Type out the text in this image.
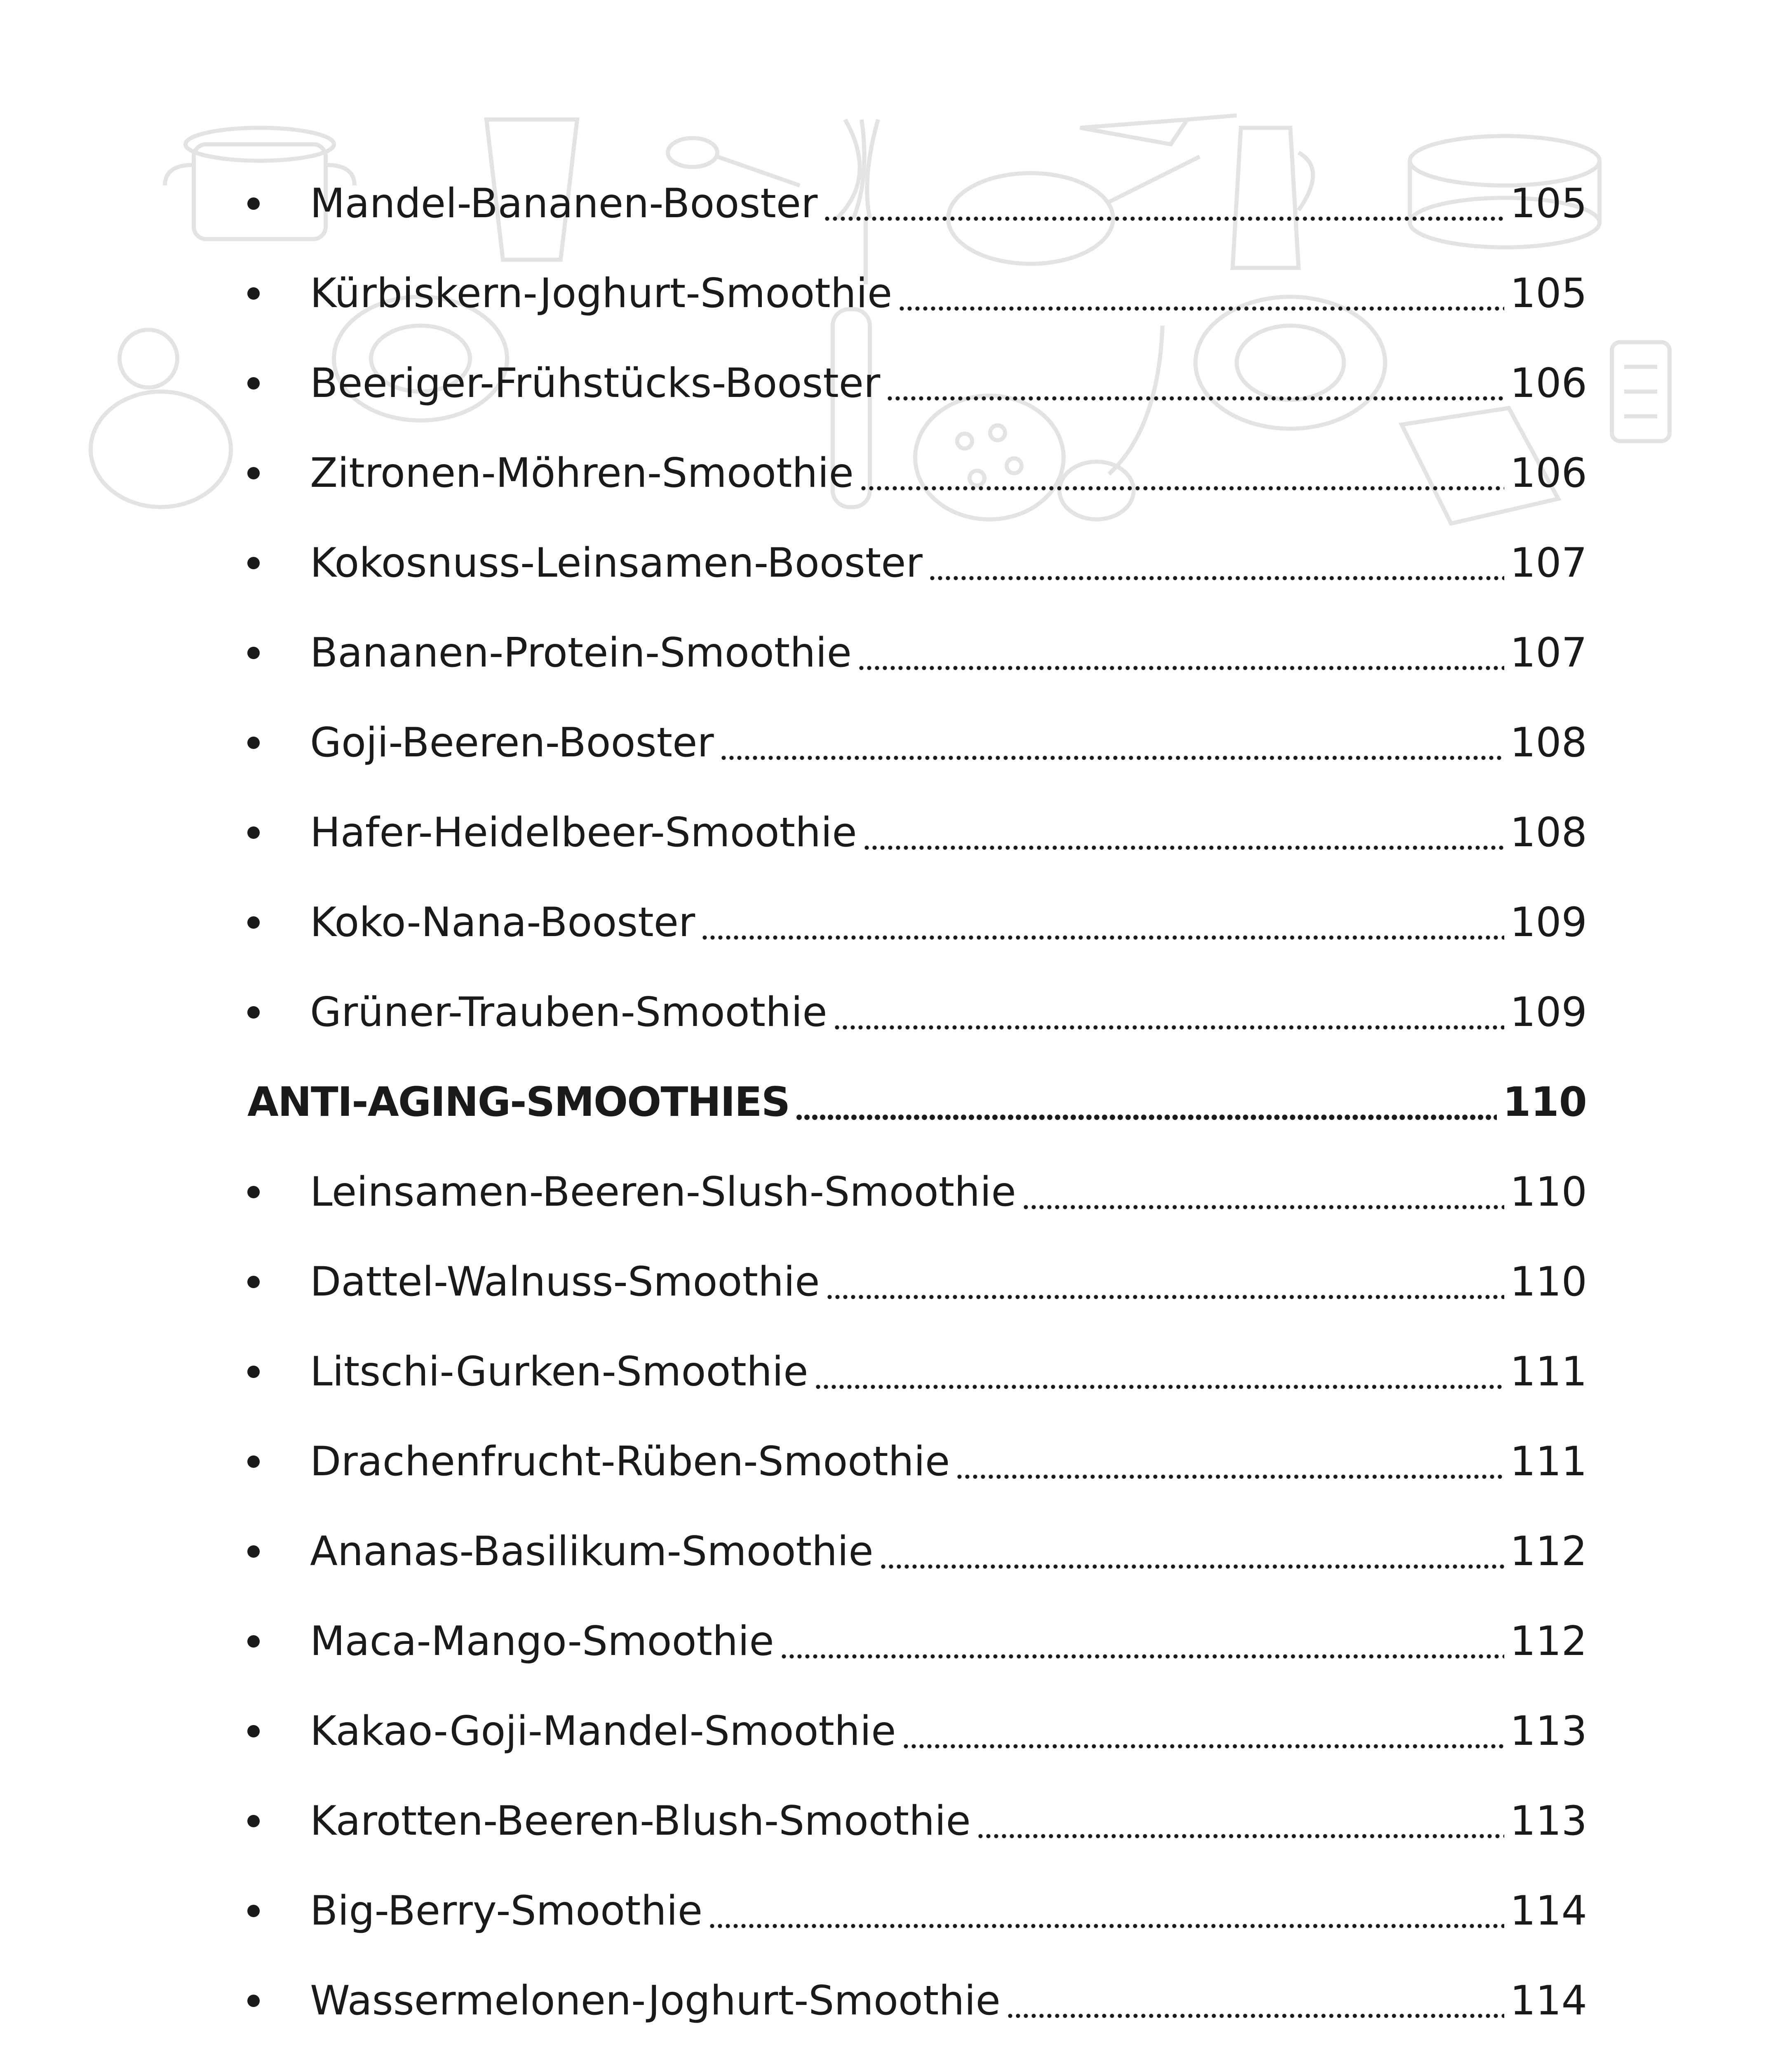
Mandel-Bananen-Booster	105
Kürbiskern-Joghurt-Smoothie	105
Beeriger-Frühstücks-Booster	106
Zitronen-Möhren-Smoothie	106
Kokosnuss-Leinsamen-Booster	107
Bananen-Protein-Smoothie	107
Goji-Beeren-Booster	108
Hafer-Heidelbeer-Smoothie	108
Koko-Nana-Booster	109
Grüner-Trauben-Smoothie	109
ANTI-AGING-SMOOTHIES	110
Leinsamen-Beeren-Slush-Smoothie	110
Dattel-Walnuss-Smoothie	110
Litschi-Gurken-Smoothie	111
Drachenfrucht-Rüben-Smoothie	111
Ananas-Basilikum-Smoothie	112
Maca-Mango-Smoothie	112
Kakao-Goji-Mandel-Smoothie	113
Karotten-Beeren-Blush-Smoothie	113
Big-Berry-Smoothie	114
Wassermelonen-Joghurt-Smoothie	114
